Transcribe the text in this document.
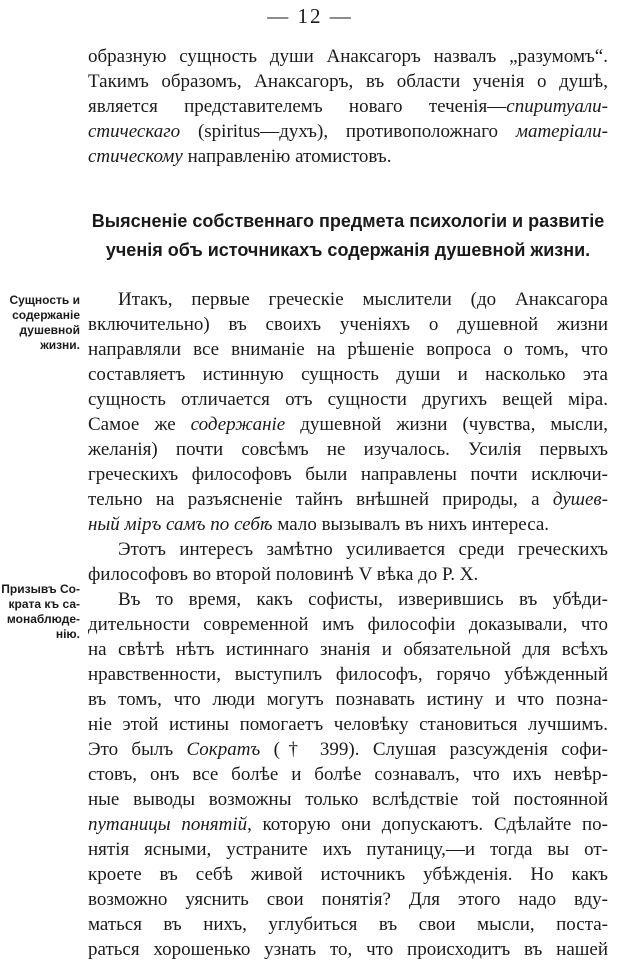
— 12 —
образную сущность души Анаксагоръ назвалъ „разумомъ“.
Такимъ образомъ, Анаксагоръ, въ области ученія о душѣ,
является представителемъ новаго теченія—спиритуали-
стическаго (spiritus—духъ), противоположнаго матеріали-
стическому направленію атомистовъ.
Выясненіе собственнаго предмета психологіи и развитіе
ученія объ источникахъ содержанія душевной жизни.
Итакъ, первые греческіе мыслители (до Анаксагора
включительно) въ своихъ ученіяхъ о душевной жизни
направляли все вниманіе на рѣшеніе вопроса о томъ, что
составляетъ истинную сущность души и насколько эта
сущность отличается отъ сущности другихъ вещей міра.
Самое же содержаніе душевной жизни (чувства, мысли,
желанія) почти совсѣмъ не изучалось. Усилія первыхъ
греческихъ философовъ были направлены почти исключи-
тельно на разъясненіе тайнъ внѣшней природы, а душев-
ный міръ самъ по себѣ мало вызывалъ въ нихъ интереса.
Этотъ интересъ замѣтно усиливается среди греческихъ
философовъ во второй половинѣ V вѣка до Р. Х.
Въ то время, какъ софисты, изверившись въ убѣди-
дительности современной имъ философіи доказывали, что
на свѣтѣ нѣтъ истиннаго знанія и обязательной для всѣхъ
нравственности, выступилъ философъ, горячо убѣжденный
въ томъ, что люди могутъ познавать истину и что позна-
ніе этой истины помогаетъ человѣку становиться лучшимъ.
Это былъ Сократъ († 399). Слушая разсужденія софи-
стовъ, онъ все болѣе и болѣе сознавалъ, что ихъ невѣр-
ные выводы возможны только вслѣдствіе той постоянной
путаницы понятій, которую они допускаютъ. Сдѣлайте по-
нятія ясными, устраните ихъ путаницу,—и тогда вы от-
кроете въ себѣ живой источникъ убѣжденія. Но какъ
возможно уяснить свои понятія? Для этого надо вду-
маться въ нихъ, углубиться въ свои мысли, поста-
раться хорошенько узнать то, что происходитъ въ нашей
Сущность и
содержаніе
душевной
жизни.
Призывъ Со-
крата къ са-
монаблюде-
нію.
